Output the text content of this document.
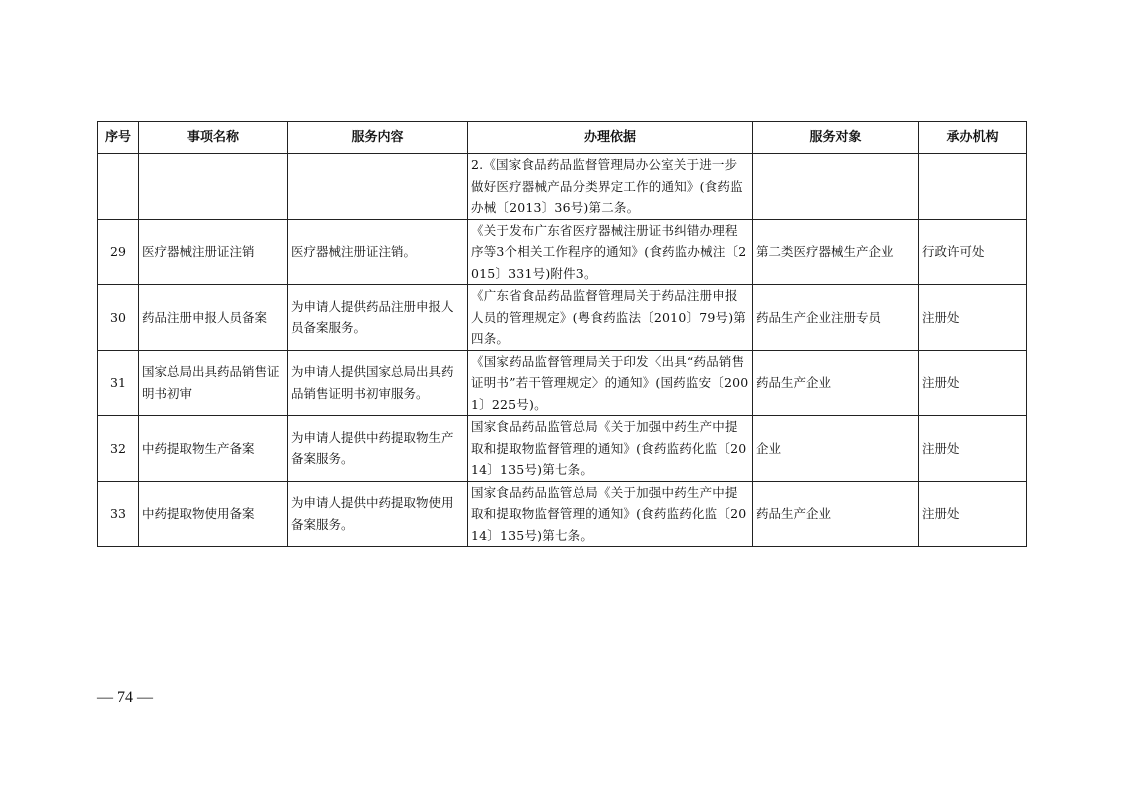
序号	事项名称	服务内容	办理依据	服务对象	承办机构
			2.《国家食品药品监督管理局办公室关于进一步做好医疗器械产品分类界定工作的通知》(食药监办械〔2013〕36号)第二条。		
29	医疗器械注册证注销	医疗器械注册证注销。	《关于发布广东省医疗器械注册证书纠错办理程序等3个相关工作程序的通知》(食药监办械注〔2015〕331号)附件3。	第二类医疗器械生产企业	行政许可处
30	药品注册申报人员备案	为申请人提供药品注册申报人员备案服务。	《广东省食品药品监督管理局关于药品注册申报人员的管理规定》(粤食药监法〔2010〕79号)第四条。	药品生产企业注册专员	注册处
31	国家总局出具药品销售证明书初审	为申请人提供国家总局出具药品销售证明书初审服务。	《国家药品监督管理局关于印发〈出具“药品销售证明书”若干管理规定〉的通知》(国药监安〔2001〕225号)。	药品生产企业	注册处
32	中药提取物生产备案	为申请人提供中药提取物生产备案服务。	国家食品药品监管总局《关于加强中药生产中提取和提取物监督管理的通知》(食药监药化监〔2014〕135号)第七条。	企业	注册处
33	中药提取物使用备案	为申请人提供中药提取物使用备案服务。	国家食品药品监管总局《关于加强中药生产中提取和提取物监督管理的通知》(食药监药化监〔2014〕135号)第七条。	药品生产企业	注册处
— 74 —
